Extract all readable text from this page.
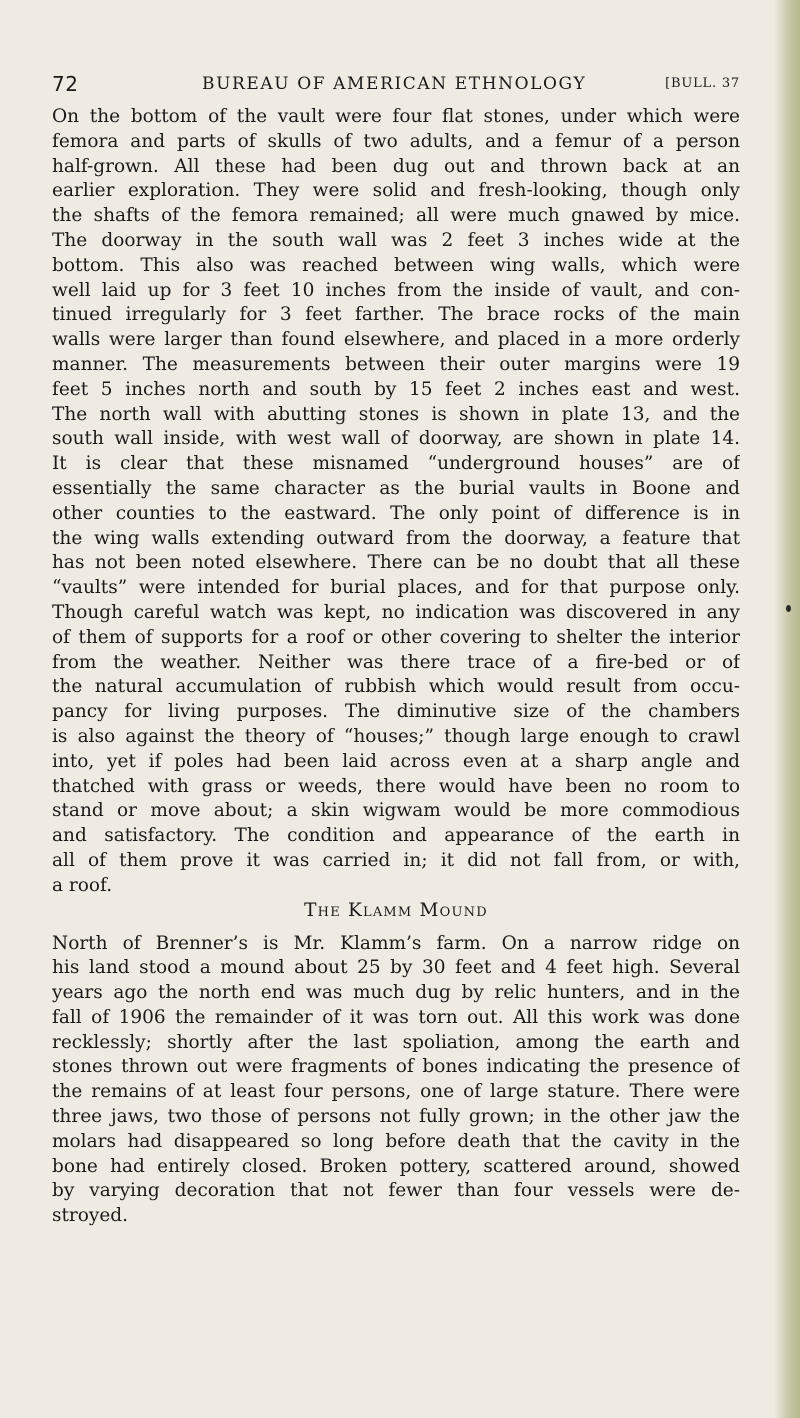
72	BUREAU OF AMERICAN ETHNOLOGY	[BULL. 37
On the bottom of the vault were four flat stones, under which were
femora and parts of skulls of two adults, and a femur of a person
half-grown. All these had been dug out and thrown back at an
earlier exploration. They were solid and fresh-looking, though only
the shafts of the femora remained; all were much gnawed by mice.
The doorway in the south wall was 2 feet 3 inches wide at the
bottom. This also was reached between wing walls, which were
well laid up for 3 feet 10 inches from the inside of vault, and con-
tinued irregularly for 3 feet farther. The brace rocks of the main
walls were larger than found elsewhere, and placed in a more orderly
manner. The measurements between their outer margins were 19
feet 5 inches north and south by 15 feet 2 inches east and west.
The north wall with abutting stones is shown in plate 13, and the
south wall inside, with west wall of doorway, are shown in plate 14.
It is clear that these misnamed “underground houses” are of
essentially the same character as the burial vaults in Boone and
other counties to the eastward. The only point of difference is in
the wing walls extending outward from the doorway, a feature that
has not been noted elsewhere. There can be no doubt that all these
“vaults” were intended for burial places, and for that purpose only.
Though careful watch was kept, no indication was discovered in any
of them of supports for a roof or other covering to shelter the interior
from the weather. Neither was there trace of a fire-bed or of
the natural accumulation of rubbish which would result from occu-
pancy for living purposes. The diminutive size of the chambers
is also against the theory of “houses;” though large enough to crawl
into, yet if poles had been laid across even at a sharp angle and
thatched with grass or weeds, there would have been no room to
stand or move about; a skin wigwam would be more commodious
and satisfactory. The condition and appearance of the earth in
all of them prove it was carried in; it did not fall from, or with,
a roof.
The Klamm Mound
North of Brenner’s is Mr. Klamm’s farm. On a narrow ridge on
his land stood a mound about 25 by 30 feet and 4 feet high. Several
years ago the north end was much dug by relic hunters, and in the
fall of 1906 the remainder of it was torn out. All this work was done
recklessly; shortly after the last spoliation, among the earth and
stones thrown out were fragments of bones indicating the presence of
the remains of at least four persons, one of large stature. There were
three jaws, two those of persons not fully grown; in the other jaw the
molars had disappeared so long before death that the cavity in the
bone had entirely closed. Broken pottery, scattered around, showed
by varying decoration that not fewer than four vessels were de-
stroyed.
